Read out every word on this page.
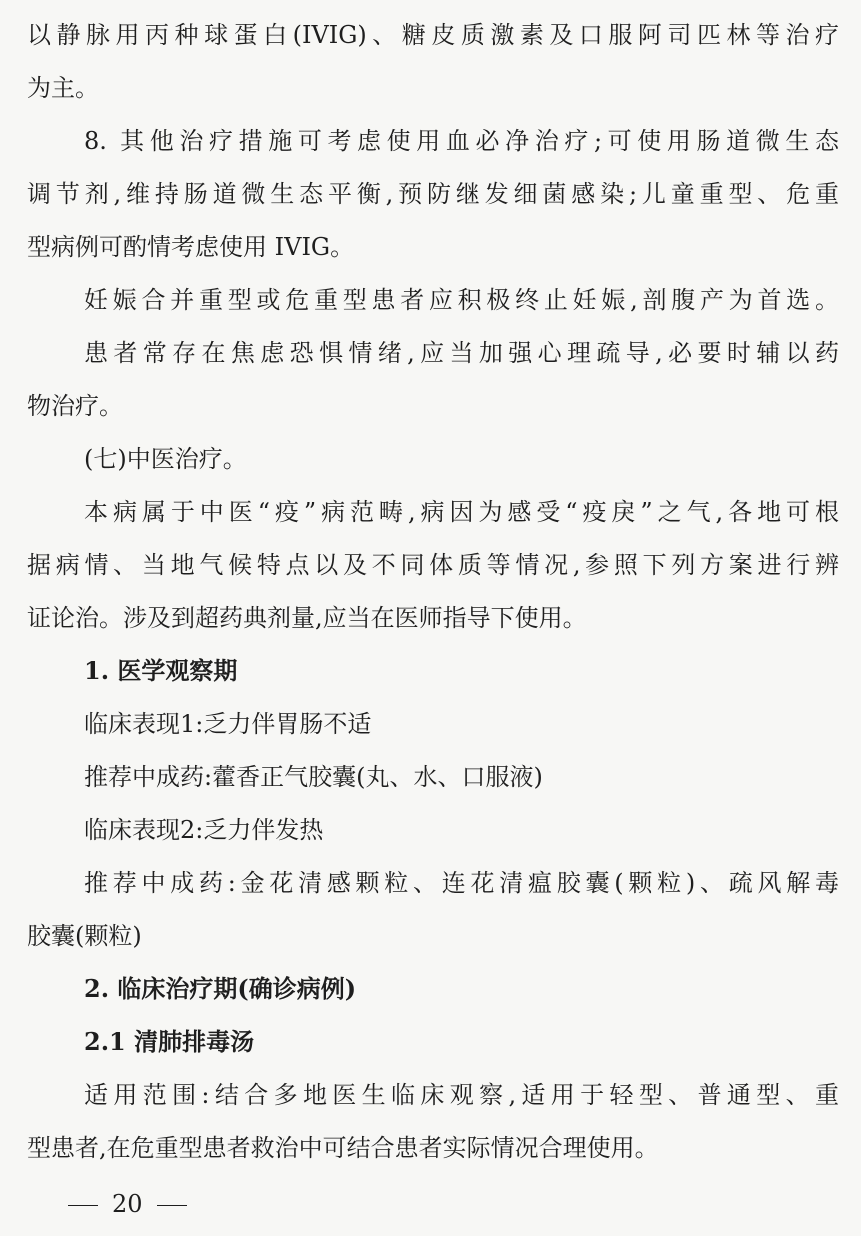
以静脉用丙种球蛋白(IVIG)、糖皮质激素及口服阿司匹林等治疗
为主。
8. 其他治疗措施可考虑使用血必净治疗;可使用肠道微生态
调节剂,维持肠道微生态平衡,预防继发细菌感染;儿童重型、危重
型病例可酌情考虑使用 IVIG。
妊娠合并重型或危重型患者应积极终止妊娠,剖腹产为首选。
患者常存在焦虑恐惧情绪,应当加强心理疏导,必要时辅以药
物治疗。
(七)中医治疗。
本病属于中医“疫”病范畴,病因为感受“疫戾”之气,各地可根
据病情、当地气候特点以及不同体质等情况,参照下列方案进行辨
证论治。涉及到超药典剂量,应当在医师指导下使用。
1. 医学观察期
临床表现1:乏力伴胃肠不适
推荐中成药:藿香正气胶囊(丸、水、口服液)
临床表现2:乏力伴发热
推荐中成药:金花清感颗粒、连花清瘟胶囊(颗粒)、疏风解毒
胶囊(颗粒)
2. 临床治疗期(确诊病例)
2.1 清肺排毒汤
适用范围:结合多地医生临床观察,适用于轻型、普通型、重
型患者,在危重型患者救治中可结合患者实际情况合理使用。
20
